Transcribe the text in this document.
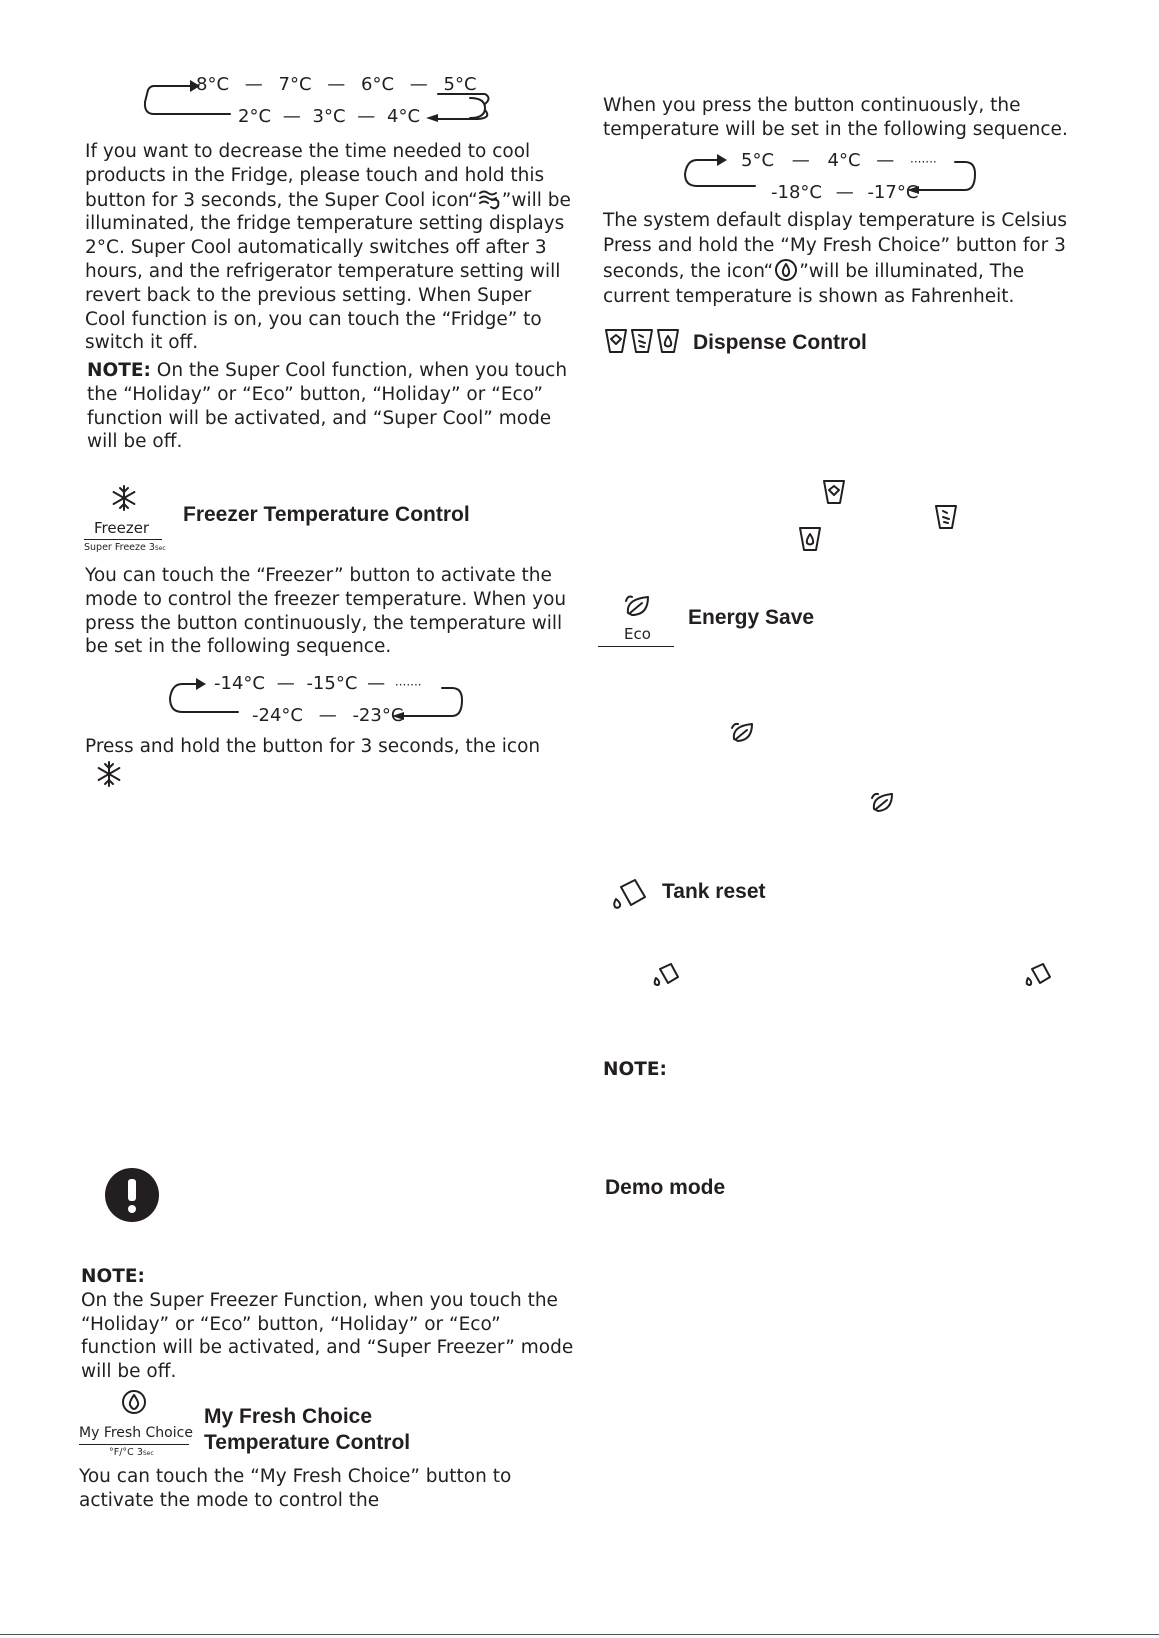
8°C — 7°C — 6°C — 5°C
2°C — 3°C — 4°C
If you want to decrease the time needed to cool products in the Fridge, please touch and hold this button for 3 seconds, the Super Cool icon“ ”will be illuminated, the fridge temperature setting displays 2°C. Super Cool automatically switches off after 3 hours, and the refrigerator temperature setting will revert back to the previous setting. When Super Cool function is on, you can touch the “Fridge” to switch it off.
NOTE: On the Super Cool function, when you touch the “Holiday” or “Eco” button, “Holiday” or “Eco” function will be activated, and “Super Cool” mode will be off.
Freezer
Super Freeze 3Sec
Freezer Temperature Control
You can touch the “Freezer” button to activate the mode to control the freezer temperature. When you press the button continuously, the temperature will be set in the following sequence.
-14°C — -15°C — ·······
-24°C — -23°C
Press and hold the button for 3 seconds, the icon
NOTE:
On the Super Freezer Function, when you touch the “Holiday” or “Eco” button, “Holiday” or “Eco” function will be activated, and “Super Freezer” mode will be off.
My Fresh Choice
°F/°C 3Sec
My Fresh Choice
Temperature Control
You can touch the “My Fresh Choice” button to activate the mode to control the
When you press the button continuously, the temperature will be set in the following sequence.
5°C — 4°C — ·······
-18°C — -17°C
The system default display temperature is Celsius Press and hold the “My Fresh Choice” button for 3 seconds, the icon“ ”will be illuminated, The current temperature is shown as Fahrenheit.
Dispense Control
Eco
Energy Save
Tank reset
NOTE:
Demo mode
